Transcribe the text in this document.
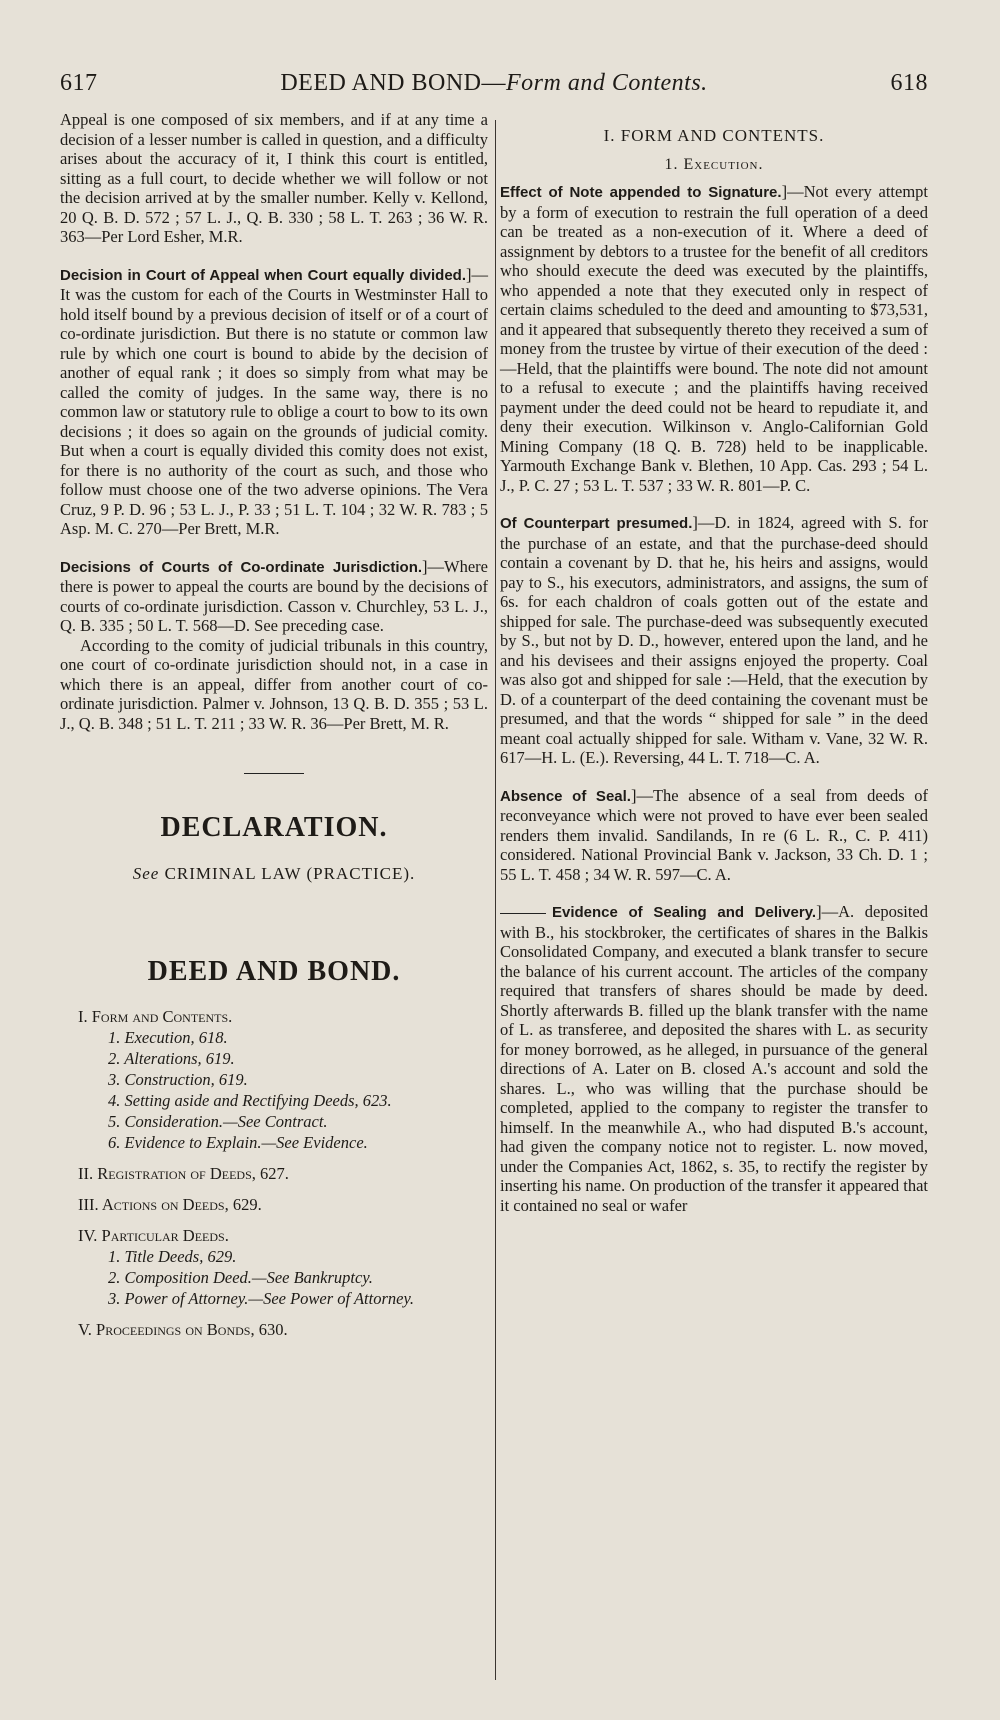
617	DEED AND BOND—Form and Contents.	618

Appeal is one composed of six members, and if at any time a decision of a lesser number is called in question, and a difficulty arises about the accuracy of it, I think this court is entitled, sitting as a full court, to decide whether we will follow or not the decision arrived at by the smaller number. Kelly v. Kellond, 20 Q. B. D. 572 ; 57 L. J., Q. B. 330 ; 58 L. T. 263 ; 36 W. R. 363—Per Lord Esher, M.R.

Decision in Court of Appeal when Court equally divided.]—It was the custom for each of the Courts in Westminster Hall to hold itself bound by a previous decision of itself or of a court of co-ordinate jurisdiction. But there is no statute or common law rule by which one court is bound to abide by the decision of another of equal rank ; it does so simply from what may be called the comity of judges. In the same way, there is no common law or statutory rule to oblige a court to bow to its own decisions ; it does so again on the grounds of judicial comity. But when a court is equally divided this comity does not exist, for there is no authority of the court as such, and those who follow must choose one of the two adverse opinions. The Vera Cruz, 9 P. D. 96 ; 53 L. J., P. 33 ; 51 L. T. 104 ; 32 W. R. 783 ; 5 Asp. M. C. 270—Per Brett, M.R.

Decisions of Courts of Co-ordinate Jurisdiction.]—Where there is power to appeal the courts are bound by the decisions of courts of co-ordinate jurisdiction. Casson v. Churchley, 53 L. J., Q. B. 335 ; 50 L. T. 568—D. See preceding case.

According to the comity of judicial tribunals in this country, one court of co-ordinate jurisdiction should not, in a case in which there is an appeal, differ from another court of co-ordinate jurisdiction. Palmer v. Johnson, 13 Q. B. D. 355 ; 53 L. J., Q. B. 348 ; 51 L. T. 211 ; 33 W. R. 36—Per Brett, M. R.

DECLARATION.
See CRIMINAL LAW (PRACTICE).
DEED AND BOND.
I. Form and Contents.
1. Execution, 618.
2. Alterations, 619.
3. Construction, 619.
4. Setting aside and Rectifying Deeds, 623.
5. Consideration.—See Contract.
6. Evidence to Explain.—See Evidence.
II. Registration of Deeds, 627.
III. Actions on Deeds, 629.
IV. Particular Deeds.
1. Title Deeds, 629.
2. Composition Deed.—See Bankruptcy.
3. Power of Attorney.—See Power of Attorney.
V. Proceedings on Bonds, 630.
I. FORM AND CONTENTS.
1. Execution.

Effect of Note appended to Signature.]—Not every attempt by a form of execution to restrain the full operation of a deed can be treated as a non-execution of it. Where a deed of assignment by debtors to a trustee for the benefit of all creditors who should execute the deed was executed by the plaintiffs, who appended a note that they executed only in respect of certain claims scheduled to the deed and amounting to $73,531, and it appeared that subsequently thereto they received a sum of money from the trustee by virtue of their execution of the deed : —Held, that the plaintiffs were bound. The note did not amount to a refusal to execute ; and the plaintiffs having received payment under the deed could not be heard to repudiate it, and deny their execution. Wilkinson v. Anglo-Californian Gold Mining Company (18 Q. B. 728) held to be inapplicable. Yarmouth Exchange Bank v. Blethen, 10 App. Cas. 293 ; 54 L. J., P. C. 27 ; 53 L. T. 537 ; 33 W. R. 801—P. C.

Of Counterpart presumed.]—D. in 1824, agreed with S. for the purchase of an estate, and that the purchase-deed should contain a covenant by D. that he, his heirs and assigns, would pay to S., his executors, administrators, and assigns, the sum of 6s. for each chaldron of coals gotten out of the estate and shipped for sale. The purchase-deed was subsequently executed by S., but not by D. D., however, entered upon the land, and he and his devisees and their assigns enjoyed the property. Coal was also got and shipped for sale :—Held, that the execution by D. of a counterpart of the deed containing the covenant must be presumed, and that the words “ shipped for sale ” in the deed meant coal actually shipped for sale. Witham v. Vane, 32 W. R. 617—H. L. (E.). Reversing, 44 L. T. 718—C. A.

Absence of Seal.]—The absence of a seal from deeds of reconveyance which were not proved to have ever been sealed renders them invalid. Sandilands, In re (6 L. R., C. P. 411) considered. National Provincial Bank v. Jackson, 33 Ch. D. 1 ; 55 L. T. 458 ; 34 W. R. 597—C. A.

Evidence of Sealing and Delivery.]—A. deposited with B., his stockbroker, the certificates of shares in the Balkis Consolidated Company, and executed a blank transfer to secure the balance of his current account. The articles of the company required that transfers of shares should be made by deed. Shortly afterwards B. filled up the blank transfer with the name of L. as transferee, and deposited the shares with L. as security for money borrowed, as he alleged, in pursuance of the general directions of A. Later on B. closed A.'s account and sold the shares. L., who was willing that the purchase should be completed, applied to the company to register the transfer to himself. In the meanwhile A., who had disputed B.'s account, had given the company notice not to register. L. now moved, under the Companies Act, 1862, s. 35, to rectify the register by inserting his name. On production of the transfer it appeared that it contained no seal or wafer
